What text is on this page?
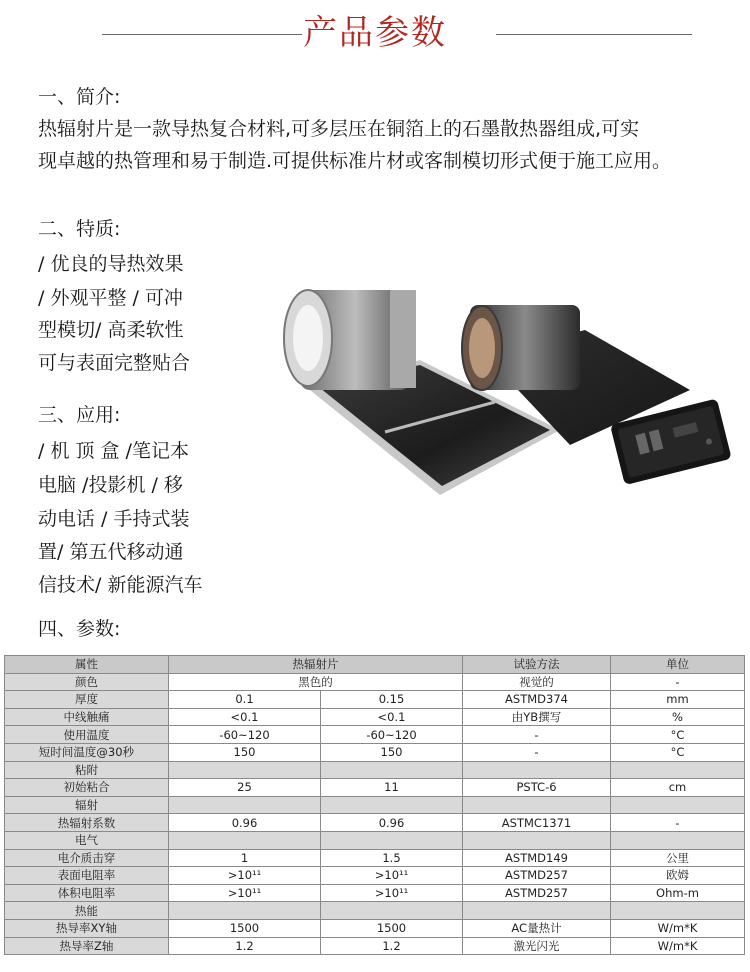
产品参数
一、简介:
热辐射片是一款导热复合材料,可多层压在铜箔上的石墨散热器组成,可实
现卓越的热管理和易于制造.可提供标准片材或客制模切形式便于施工应用。
二、特质:
/ 优良的导热效果
/ 外观平整 / 可冲
型模切/ 高柔软性
可与表面完整贴合
三、应用:
/ 机 顶 盒 /笔记本
电脑 /投影机 / 移
动电话 / 手持式装
置/ 第五代移动通
信技术/ 新能源汽车
四、参数:
属性	热辐射片		试验方法	单位
颜色	黑色的		视觉的	-
厚度	0.1	0.15	ASTMD374	mm
中线触痛	<0.1	<0.1	由YB撰写	%
使用温度	-60~120	-60~120	-	°C
短时间温度@30秒	150	150	-	°C
粘附				
初始粘合	25	11	PSTC-6	cm
辐射				
热辐射系数	0.96	0.96	ASTMC1371	-
电气				
电介质击穿	1	1.5	ASTMD149	公里
表面电阻率	>10¹¹	>10¹¹	ASTMD257	欧姆
体积电阻率	>10¹¹	>10¹¹	ASTMD257	Ohm-m
热能				
热导率XY轴	1500	1500	AC量热计	W/m*K
热导率Z轴	1.2	1.2	激光闪光	W/m*K
